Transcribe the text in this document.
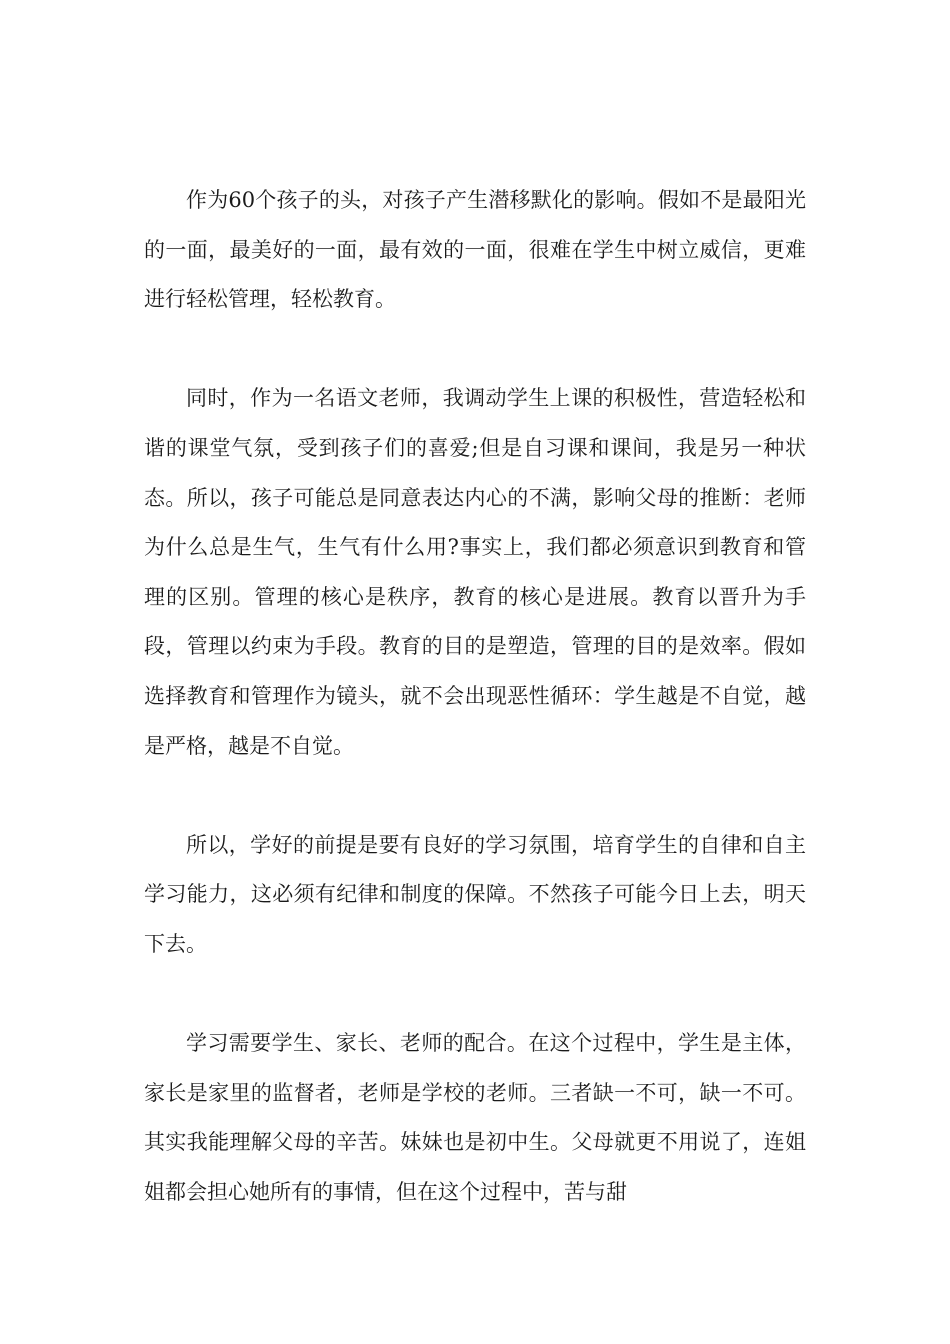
作为60个孩子的头，对孩子产生潜移默化的影响。假如不是最阳光的一面，最美好的一面，最有效的一面，很难在学生中树立威信，更难进行轻松管理，轻松教育。

同时，作为一名语文老师，我调动学生上课的积极性，营造轻松和谐的课堂气氛，受到孩子们的喜爱;但是自习课和课间，我是另一种状态。所以，孩子可能总是同意表达内心的不满，影响父母的推断：老师为什么总是生气，生气有什么用?事实上，我们都必须意识到教育和管理的区别。管理的核心是秩序，教育的核心是进展。教育以晋升为手段，管理以约束为手段。教育的目的是塑造，管理的目的是效率。假如选择教育和管理作为镜头，就不会出现恶性循环：学生越是不自觉，越是严格，越是不自觉。

所以，学好的前提是要有良好的学习氛围，培育学生的自律和自主学习能力，这必须有纪律和制度的保障。不然孩子可能今日上去，明天下去。

学习需要学生、家长、老师的配合。在这个过程中，学生是主体，家长是家里的监督者，老师是学校的老师。三者缺一不可，缺一不可。其实我能理解父母的辛苦。妹妹也是初中生。父母就更不用说了，连姐姐都会担心她所有的事情，但在这个过程中，苦与甜
